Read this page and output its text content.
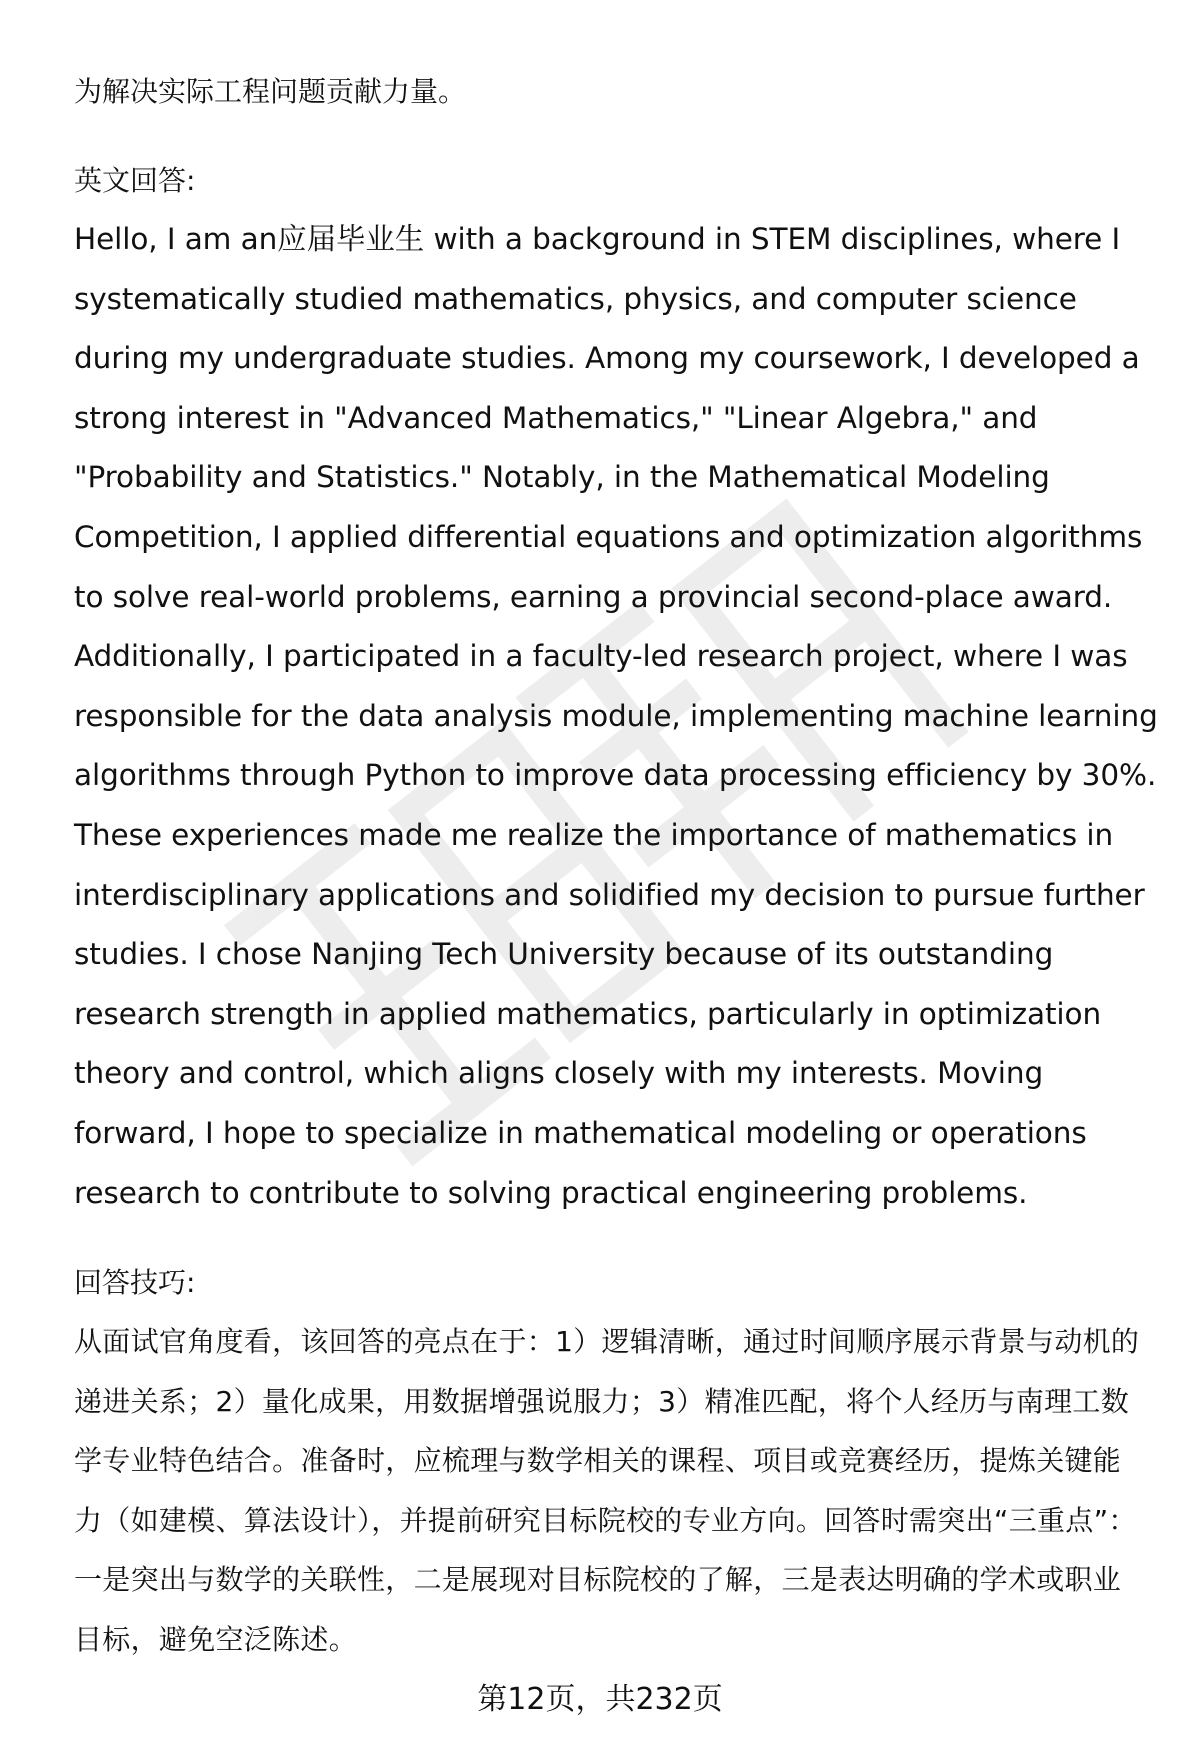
为解决实际工程问题贡献力量。

英文回答:

Hello, I am an应届毕业生 with a background in STEM disciplines, where I systematically studied mathematics, physics, and computer science during my undergraduate studies. Among my coursework, I developed a strong interest in "Advanced Mathematics," "Linear Algebra," and "Probability and Statistics." Notably, in the Mathematical Modeling Competition, I applied differential equations and optimization algorithms to solve real-world problems, earning a provincial second-place award. Additionally, I participated in a faculty-led research project, where I was responsible for the data analysis module, implementing machine learning algorithms through Python to improve data processing efficiency by 30%. These experiences made me realize the importance of mathematics in interdisciplinary applications and solidified my decision to pursue further studies. I chose Nanjing Tech University because of its outstanding research strength in applied mathematics, particularly in optimization theory and control, which aligns closely with my interests. Moving forward, I hope to specialize in mathematical modeling or operations research to contribute to solving practical engineering problems.

回答技巧:

从面试官角度看，该回答的亮点在于：1）逻辑清晰，通过时间顺序展示背景与动机的递进关系；2）量化成果，用数据增强说服力；3）精准匹配，将个人经历与南理工数学专业特色结合。准备时，应梳理与数学相关的课程、项目或竞赛经历，提炼关键能力（如建模、算法设计），并提前研究目标院校的专业方向。回答时需突出“三重点”：一是突出与数学的关联性，二是展现对目标院校的了解，三是表达明确的学术或职业目标，避免空泛陈述。

第12页，共232页
